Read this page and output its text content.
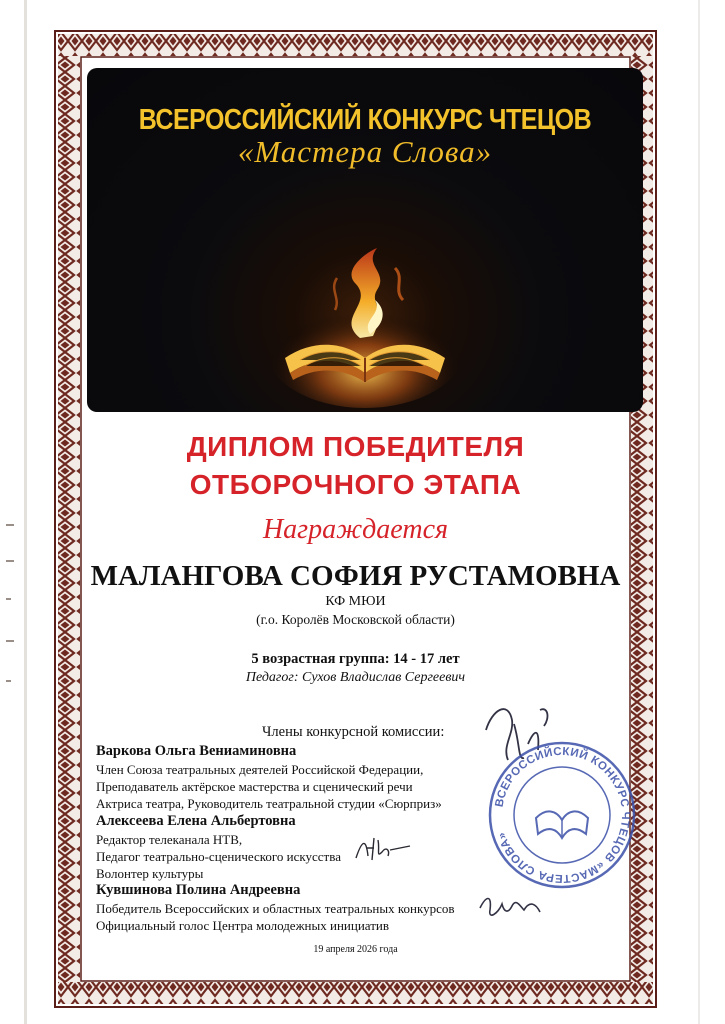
ВСЕРОССИЙСКИЙ КОНКУРС ЧТЕЦОВ
«Мастера Слова»
ДИПЛОМ ПОБЕДИТЕЛЯ
ОТБОРОЧНОГО ЭТАПА
Награждается
МАЛАНГОВА СОФИЯ РУСТАМОВНА
КФ МЮИ
(г.о. Королёв Московской области)
5 возрастная группа: 14 - 17 лет
Педагог: Сухов Владислав Сергеевич
Члены конкурсной комиссии:
Варкова Ольга Вениаминовна
Член Союза театральных деятелей Российской Федерации,
Преподаватель актёрское мастерства и сценический речи
Актриса театра, Руководитель театральной студии «Сюрприз»
Алексеева Елена Альбертовна
Редактор телеканала НТВ,
Педагог театрально-сценического искусства
Волонтер культуры
Кувшинова Полина Андреевна
Победитель Всероссийских и областных театральных конкурсов
Официальный голос Центра молодежных инициатив
ВСЕРОССИЙСКИЙ КОНКУРС ЧТЕЦОВ «МАСТЕРА СЛОВА»
19 апреля 2026 года
